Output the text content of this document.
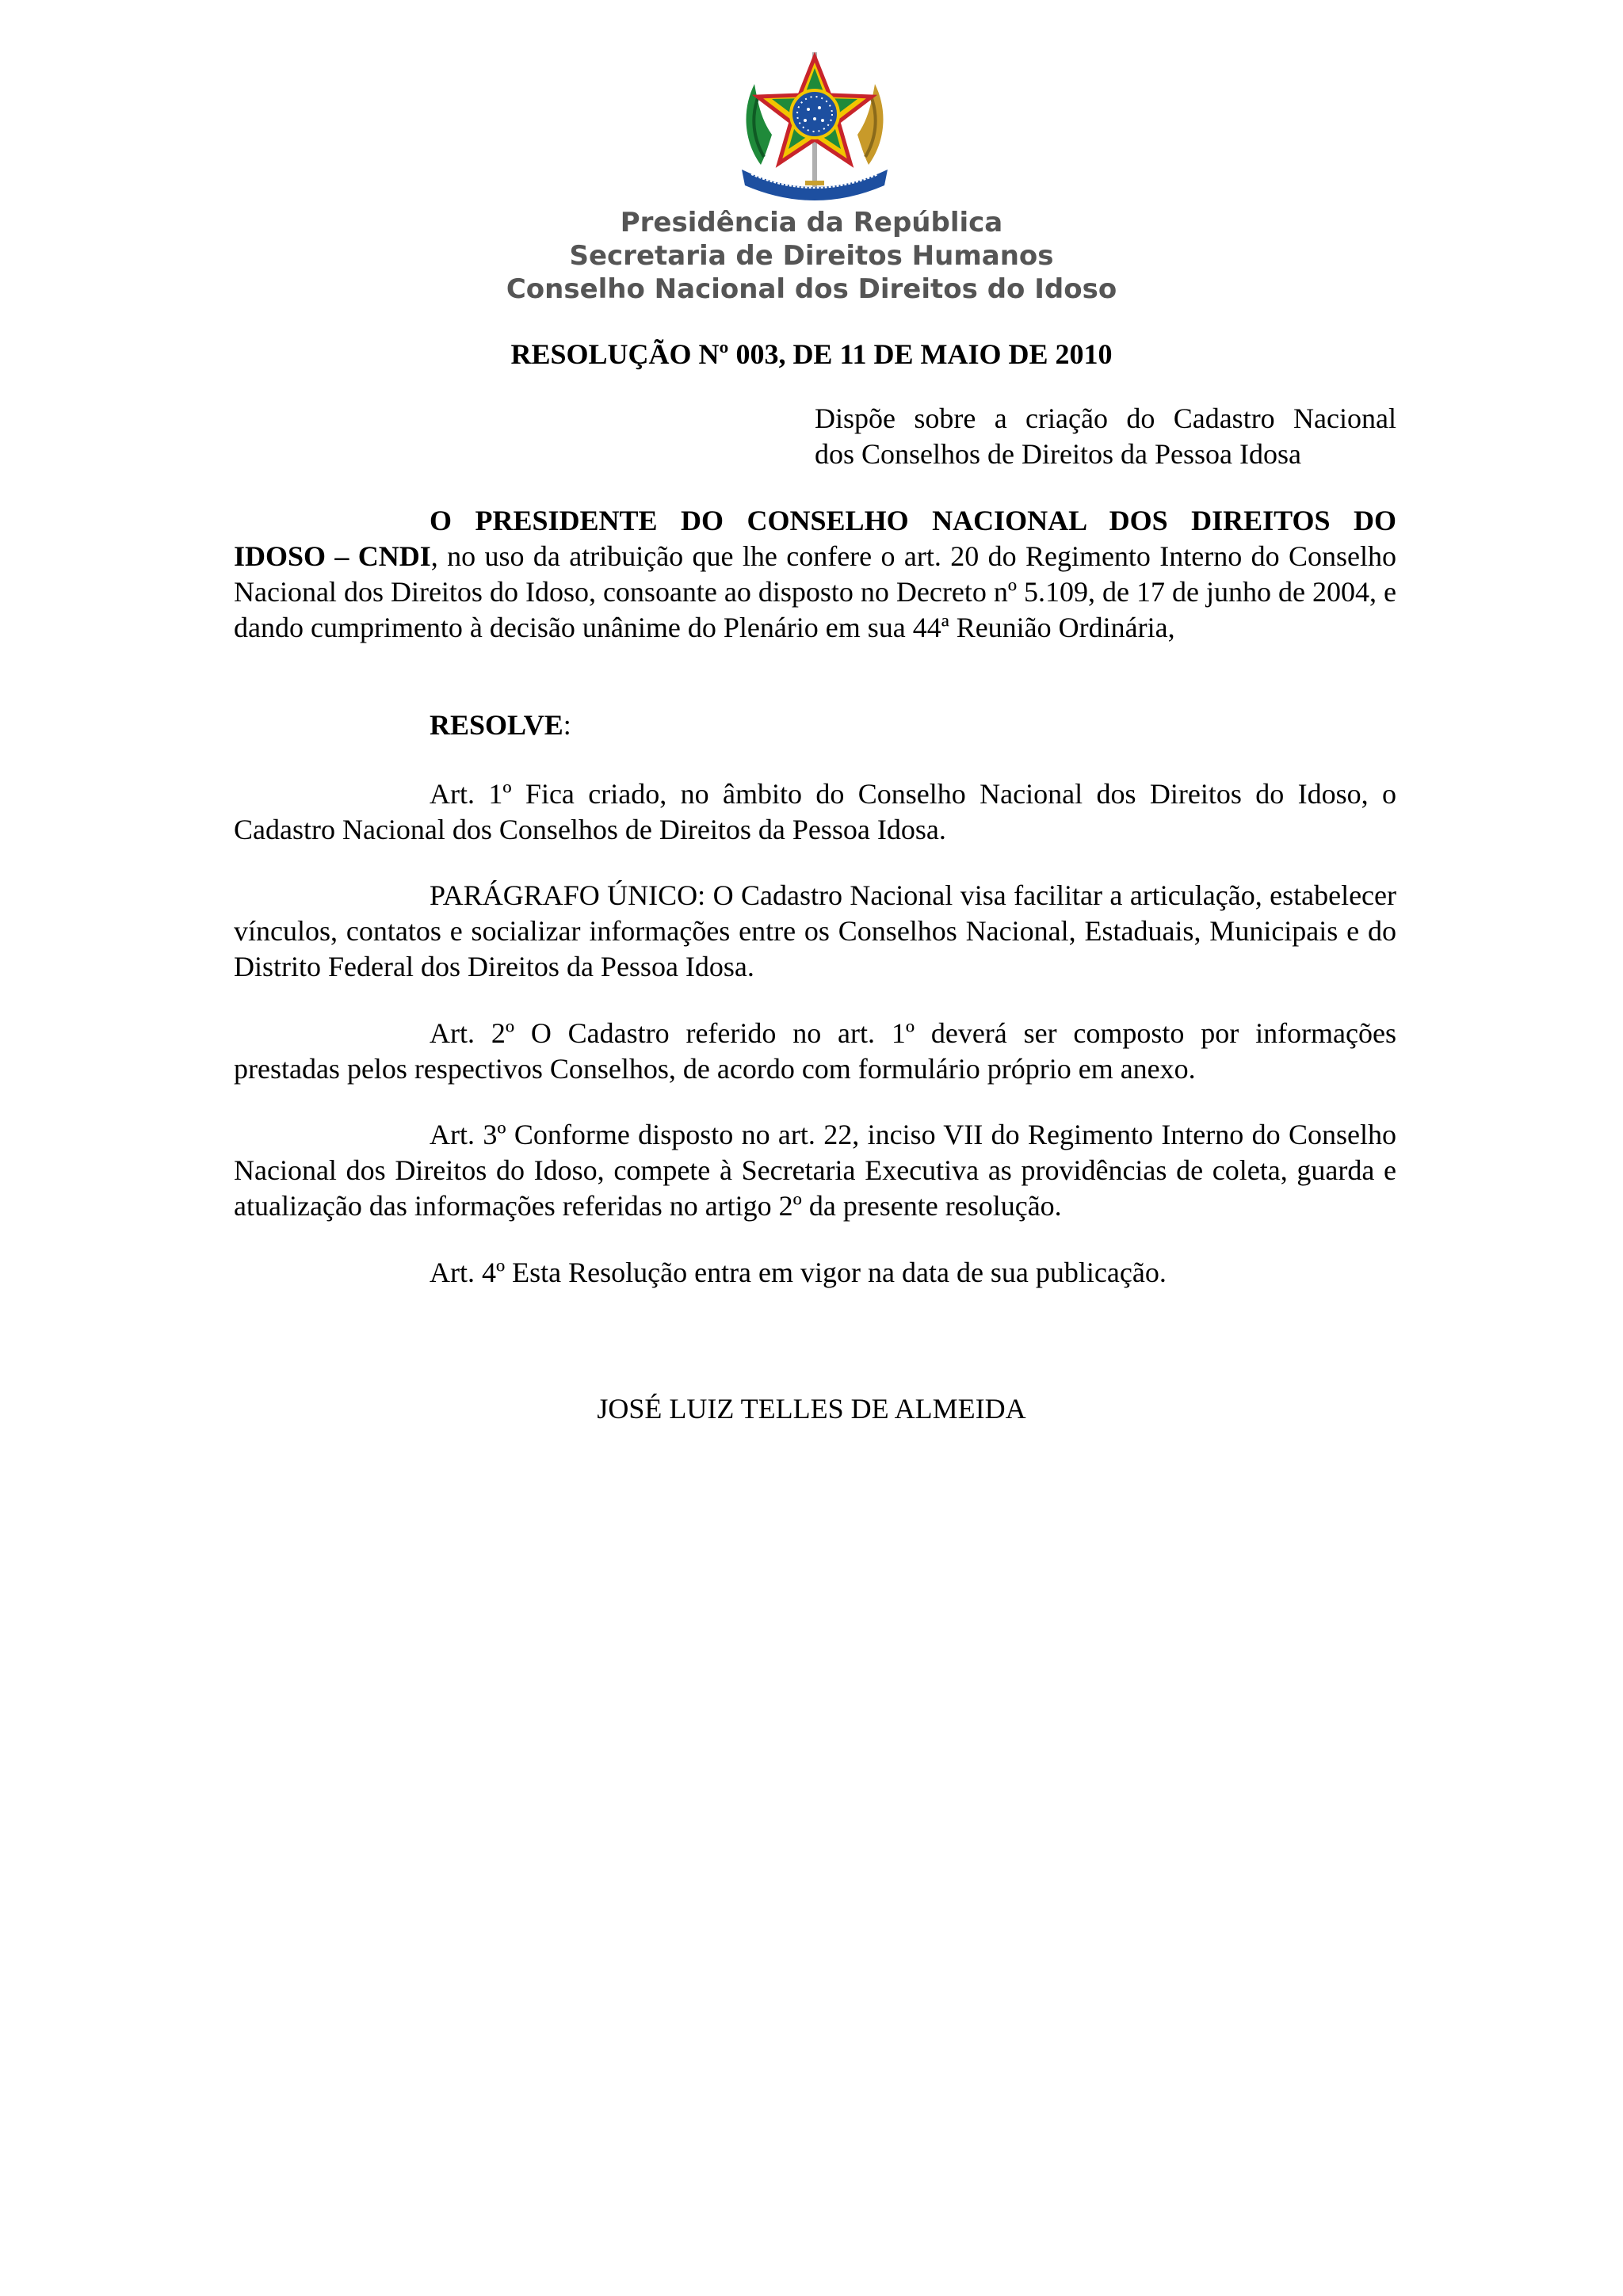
Presidência da República
Secretaria de Direitos Humanos
Conselho Nacional dos Direitos do Idoso
RESOLUÇÃO Nº 003, DE 11 DE MAIO DE 2010
Dispõe sobre a criação do Cadastro Nacional
dos Conselhos de Direitos da Pessoa Idosa
O PRESIDENTE DO CONSELHO NACIONAL DOS DIREITOS DO
IDOSO – CNDI, no uso da atribuição que lhe confere o art. 20 do Regimento Interno do Conselho Nacional dos Direitos do Idoso, consoante ao disposto no Decreto nº 5.109, de 17 de junho de 2004, e dando cumprimento à decisão unânime do Plenário em sua 44ª Reunião Ordinária,
RESOLVE:

Art. 1º Fica criado, no âmbito do Conselho Nacional dos Direitos do Idoso, o Cadastro Nacional dos Conselhos de Direitos da Pessoa Idosa.

PARÁGRAFO ÚNICO: O Cadastro Nacional visa facilitar a articulação, estabelecer vínculos, contatos e socializar informações entre os Conselhos Nacional, Estaduais, Municipais e do Distrito Federal dos Direitos da Pessoa Idosa.

Art. 2º O Cadastro referido no art. 1º deverá ser composto por informações prestadas pelos respectivos Conselhos, de acordo com formulário próprio em anexo.

Art. 3º Conforme disposto no art. 22, inciso VII do Regimento Interno do Conselho Nacional dos Direitos do Idoso, compete à Secretaria Executiva as providências de coleta, guarda e atualização das informações referidas no artigo 2º da presente resolução.

Art. 4º Esta Resolução entra em vigor na data de sua publicação.

JOSÉ LUIZ TELLES DE ALMEIDA
